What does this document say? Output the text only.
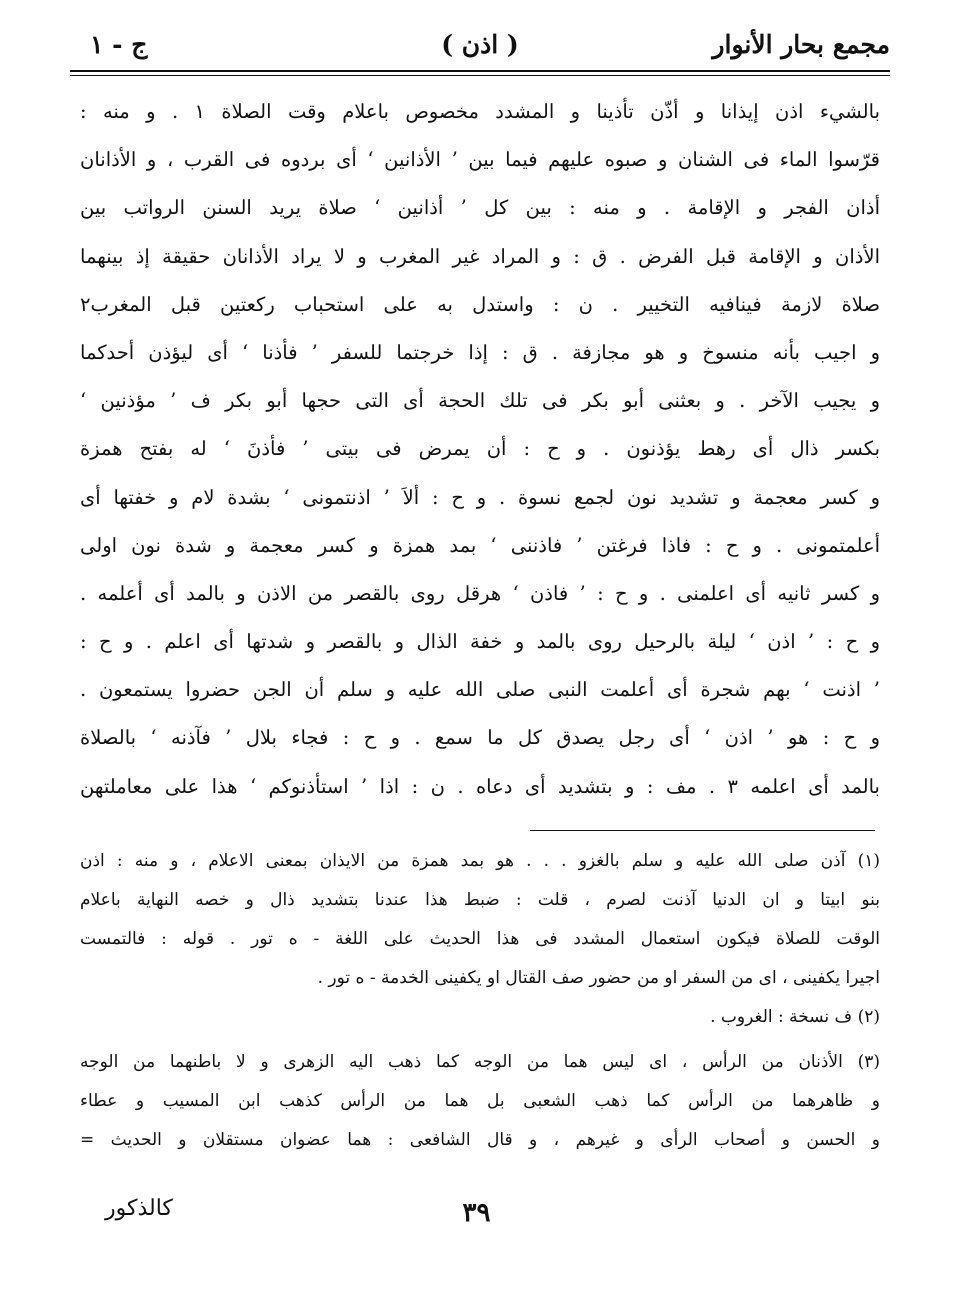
مجمع بحار الأنوار
( اذن )
ج - ١
بالشيء اذن إيذانا و أذّن تأذينا و المشدد مخصوص باعلام وقت الصلاة ١ . و منه :
قرّسوا الماء فى الشنان و صبوه عليهم فيما بين ’ الأذانين ‘ أى بردوه فى القرب ، و الأذانان
أذان الفجر و الإقامة . و منه : بين كل ’ أذانين ‘ صلاة يريد السنن الرواتب بين
الأذان و الإقامة قبل الفرض . ق : و المراد غير المغرب و لا يراد الأذانان حقيقة إذ بينهما
صلاة لازمة فينافيه التخيير . ن : واستدل به على استحباب ركعتين قبل المغرب٢
و اجيب بأنه منسوخ و هو مجازفة . ق : إذا خرجتما للسفر ’ فأذنا ‘ أى ليؤذن أحدكما
و يجيب الآخر . و بعثنى أبو بكر فى تلك الحجة أى التى حجها أبو بكر ف ’ مؤذنين ‘
بكسر ذال أى رهط يؤذنون . و ح : أن يمرض فى بيتى ’ فأذنَ ‘ له بفتح همزة
و كسر معجمة و تشديد نون لجمع نسوة . و ح : ألاَ ’ اذنتمونى ‘ بشدة لام و خفتها أى
أعلمتمونى . و ح : فاذا فرغتن ’ فاذننى ‘ بمد همزة و كسر معجمة و شدة نون اولى
و كسر ثانيه أى اعلمنى . و ح : ’ فاذن ‘ هرقل روى بالقصر من الاذن و بالمد أى أعلمه .
و ح : ’ اذن ‘ ليلة بالرحيل روى بالمد و خفة الذال و بالقصر و شدتها أى اعلم . و ح :
’ اذنت ‘ بهم شجرة أى أعلمت النبى صلى الله عليه و سلم أن الجن حضروا يستمعون .
و ح : هو ’ اذن ‘ أى رجل يصدق كل ما سمع . و ح : فجاء بلال ’ فآذنه ‘ بالصلاة
بالمد أى اعلمه ٣ . مف : و بتشديد أى دعاه . ن : اذا ’ استأذنوكم ‘ هذا على معاملتهن
(١) آذن صلى الله عليه و سلم بالغزو . . . هو بمد همزة من الايذان بمعنى الاعلام ، و منه : اذن
بنو ابيتا و ان الدنيا آذنت لصرم ، قلت : ضبط هذا عندنا بتشديد ذال و خصه النهاية باعلام
الوقت للصلاة فيكون استعمال المشدد فى هذا الحديث على اللغة - ه تور . قوله : فالتمست
اجيرا يكفينى ، اى من السفر او من حضور صف القتال او يكفينى الخدمة - ه تور .
(٢) ف نسخة : الغروب .
(٣) الأذنان من الرأس ، اى ليس هما من الوجه كما ذهب اليه الزهرى و لا باطنهما من الوجه
و ظاهرهما من الرأس كما ذهب الشعبى بل هما من الرأس كذهب ابن المسيب و عطاء
و الحسن و أصحاب الرأى و غيرهم ، و قال الشافعى : هما عضوان مستقلان و الحديث =
٣٩
كالذكور
